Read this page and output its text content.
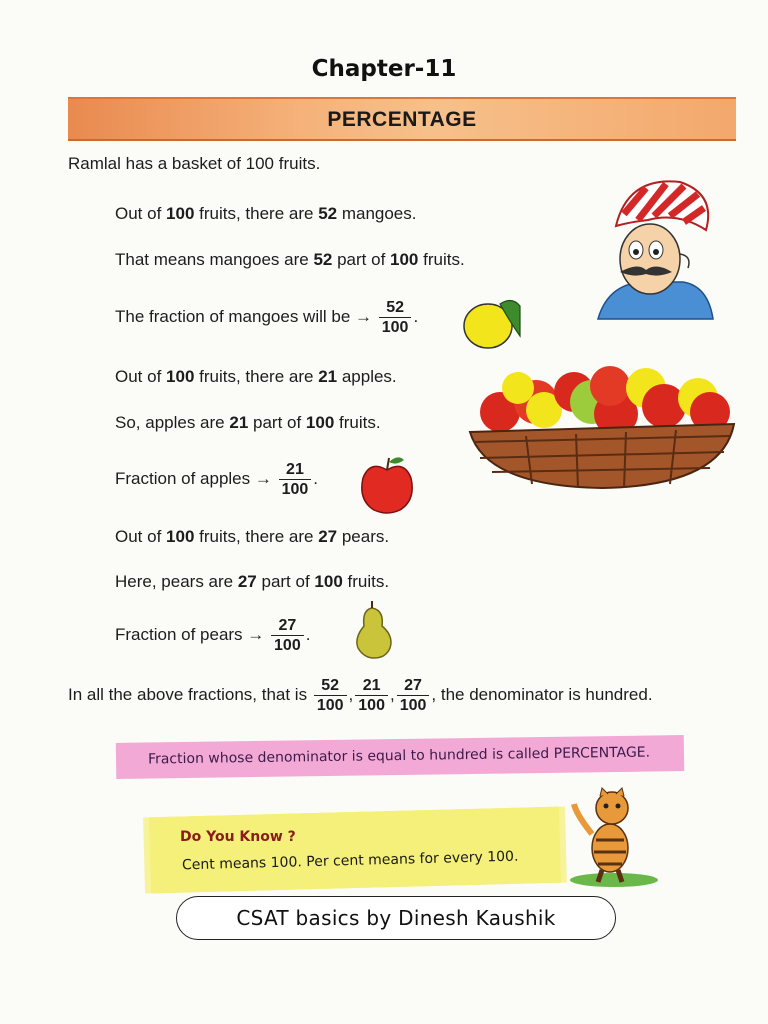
Chapter-11
PERCENTAGE
Ramlal has a basket of 100 fruits.
Out of 100 fruits, there are 52 mangoes.
That means mangoes are 52 part of 100 fruits.
The fraction of mangoes will be → $\frac{52}{100}$ .
Out of 100 fruits, there are 21 apples.
So, apples are 21 part of 100 fruits.
Fraction of apples → $\frac{21}{100}$ .
Out of 100 fruits, there are 27 pears.
Here, pears are 27 part of 100 fruits.
Fraction of pears → $\frac{27}{100}$ .
In all the above fractions, that is $\frac{52}{100}$ , $\frac{21}{100}$ , $\frac{27}{100}$ , the denominator is hundred.
Fraction whose denominator is equal to hundred is called PERCENTAGE.
Do You Know ?
Cent means 100. Per cent means for every 100.
CSAT basics by Dinesh Kaushik
